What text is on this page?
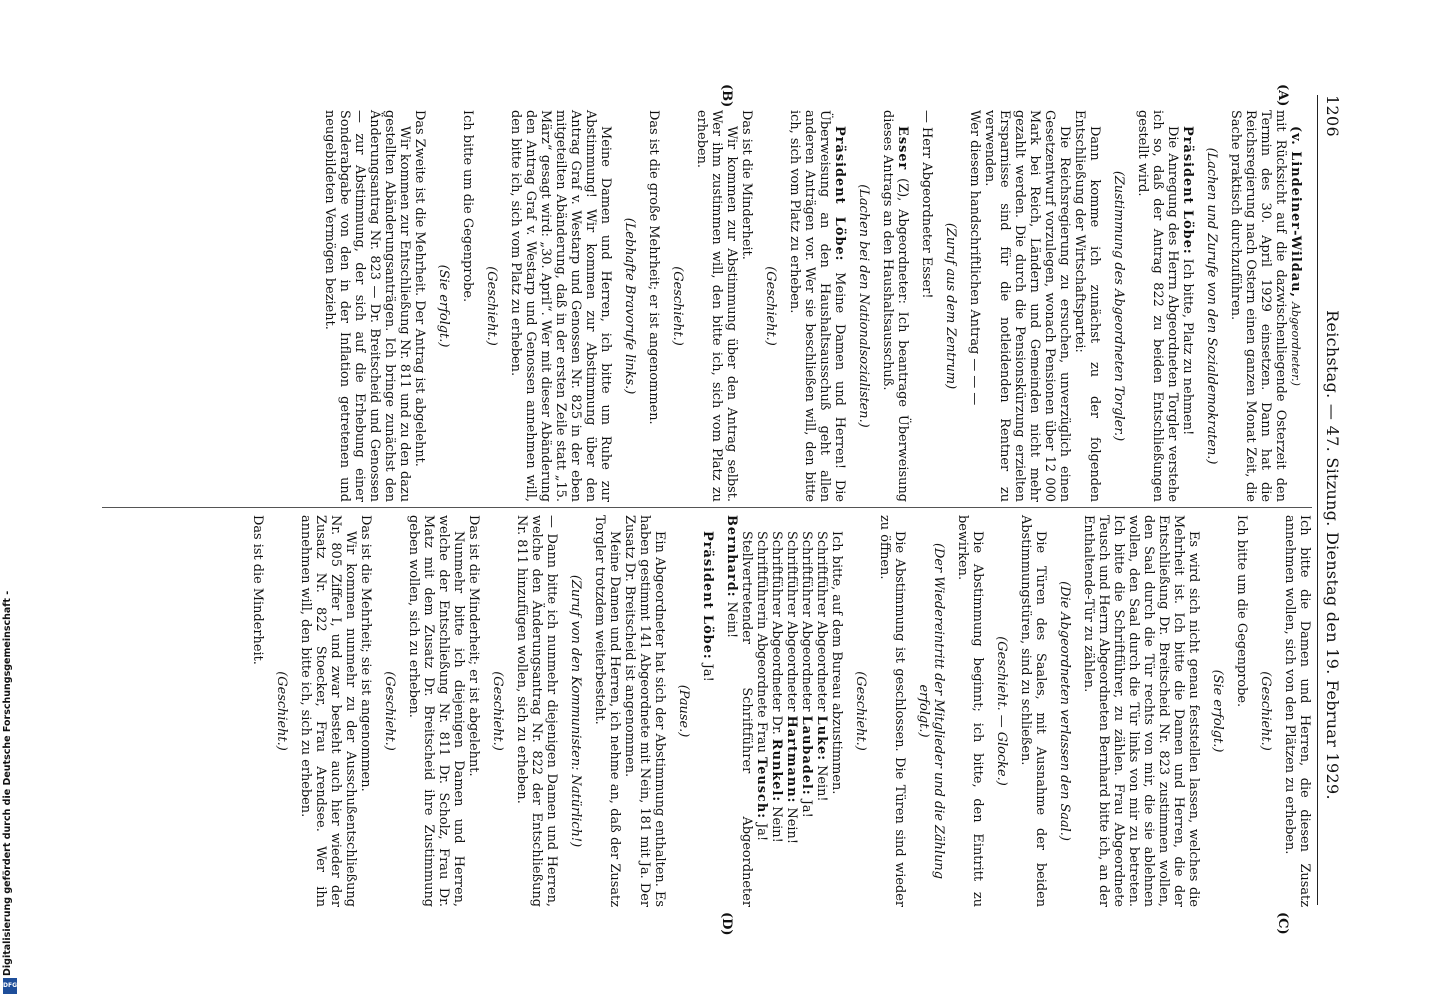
1206
Reichstag. — 47. Sitzung. Dienstag den 19. Februar 1929.
(A)
(B)
(C)
(D)

(v. Lindeiner-Wildau, Abgeordneter.)

mit Rücksicht auf die dazwischenliegende Osterzeit den Termin des 30. April 1929 einsetzen. Dann hat die Reichsregierung nach Ostern einen ganzen Monat Zeit, die Sache praktisch durchzuführen.

(Lachen und Zurufe von den Sozialdemokraten.)

Präsident Löbe: Ich bitte, Platz zu nehmen!

Die Anregung des Herrn Abgeordneten Torgler verstehe ich so, daß der Antrag 822 zu beiden Entschließungen gestellt wird.

(Zustimmung des Abgeordneten Torgler.)

Dann komme ich zunächst zu der folgenden Entschließung der Wirtschaftspartei:

Die Reichsregierung zu ersuchen, unverzüglich einen Gesetzentwurf vorzulegen, wonach Pensionen über 12 000 Mark bei Reich, Ländern und Gemeinden nicht mehr gezahlt werden. Die durch die Pensionskürzung erzielten Ersparnisse sind für die notleidenden Rentner zu verwenden.

Wer diesem handschriftlichen Antrag — — —

(Zuruf aus dem Zentrum)

— Herr Abgeordneter Esser!

Esser (Z), Abgeordneter: Ich beantrage Überweisung dieses Antrags an den Haushaltsausschuß.

(Lachen bei den Nationalsozialisten.)

Präsident Löbe: Meine Damen und Herren! Die Überweisung an den Haushaltsausschuß geht allen anderen Anträgen vor. Wer sie beschließen will, den bitte ich, sich vom Platz zu erheben.

(Geschieht.)

Das ist die Minderheit.

Wir kommen zur Abstimmung über den Antrag selbst. Wer ihm zustimmen will, den bitte ich, sich vom Platz zu erheben.

(Geschieht.)

Das ist die große Mehrheit; er ist angenommen.

(Lebhafte Bravorufe links.)

Meine Damen und Herren, ich bitte um Ruhe zur Abstimmung! Wir kommen zur Abstimmung über den Antrag Graf v. Westarp und Genossen Nr. 825 in der eben mitgeteilten Abänderung, daß in der ersten Zeile statt „15. März“ gesagt wird: „30. April“. Wer mit dieser Abänderung den Antrag Graf v. Westarp und Genossen annehmen will, den bitte ich, sich vom Platz zu erheben.

(Geschieht.)

Ich bitte um die Gegenprobe.

(Sie erfolgt.)

Das Zweite ist die Mehrheit. Der Antrag ist abgelehnt.

Wir kommen zur Entschließung Nr. 811 und zu den dazu gestellten Abänderungsanträgen. Ich bringe zunächst den Änderungsantrag Nr. 823 — Dr. Breitscheid und Genossen — zur Abstimmung, der sich auf die Erhebung einer Sonderabgabe von den in der Inflation getretenen und neugebildeten Vermögen bezieht.

Ich bitte die Damen und Herren, die diesen Zusatz annehmen wollen, sich von den Plätzen zu erheben.

(Geschieht.)

Ich bitte um die Gegenprobe.

(Sie erfolgt.)

Es wird sich nicht genau feststellen lassen, welches die Mehrheit ist. Ich bitte die Damen und Herren, die der Entschließung Dr. Breitscheid Nr. 823 zustimmen wollen, den Saal durch die Tür rechts von mir, die sie ablehnen wollen, den Saal durch die Tür links von mir zu betreten. Ich bitte die Schriftführer, zu zählen. Frau Abgeordnete Teusch und Herrn Abgeordneten Bernhard bitte ich, an der Enthaltende-Tür zu zählen.

(Die Abgeordneten verlassen den Saal.)

Die Türen des Saales, mit Ausnahme der beiden Abstimmungstüren, sind zu schließen.

(Geschieht. — Glocke.)

Die Abstimmung beginnt; ich bitte, den Eintritt zu bewirken.

(Der Wiedereintritt der Mitglieder und die Zählung erfolgt.)

Die Abstimmung ist geschlossen. Die Türen sind wieder zu öffnen.

(Geschieht.)

Ich bitte, auf dem Bureau abzustimmen.

Schriftführer Abgeordneter Luke: Nein!

Schriftführer Abgeordneter Laubadel: Ja!

Schriftführer Abgeordneter Hartmann: Nein!

Schriftführer Abgeordneter Dr. Runkel: Nein!

Schriftführerin Abgeordnete Frau Teusch: Ja!

Stellvertretender Schriftführer Abgeordneter Bernhard: Nein!

Präsident Löbe: Ja!

(Pause.)

Ein Abgeordneter hat sich der Abstimmung enthalten. Es haben gestimmt 141 Abgeordnete mit Nein, 181 mit Ja. Der Zusatz Dr. Breitscheid ist angenommen.

Meine Damen und Herren, ich nehme an, daß der Zusatz Torgler trotzdem weiterbesteht.

(Zuruf von den Kommunisten: Natürlich!)

— Dann bitte ich nunmehr diejenigen Damen und Herren, welche den Änderungsantrag Nr. 822 der Entschließung Nr. 811 hinzufügen wollen, sich zu erheben.

(Geschieht.)

Das ist die Minderheit; er ist abgelehnt.

Nunmehr bitte ich diejenigen Damen und Herren, welche der Entschließung Nr. 811 Dr. Scholz, Frau Dr. Matz mit dem Zusatz Dr. Breitscheid ihre Zustimmung geben wollen, sich zu erheben.

(Geschieht.)

Das ist die Mehrheit; sie ist angenommen.

Wir kommen nunmehr zu der Ausschußentschließung Nr. 805 Ziffer I, und zwar besteht auch hier wieder der Zusatz Nr. 822 Stoecker, Frau Arendsee. Wer ihn annehmen will, den bitte ich, sich zu erheben.

(Geschieht.)

Das ist die Minderheit.

Digitalisierung gefördert durch die Deutsche Forschungsgemeinschaft -
DFG
